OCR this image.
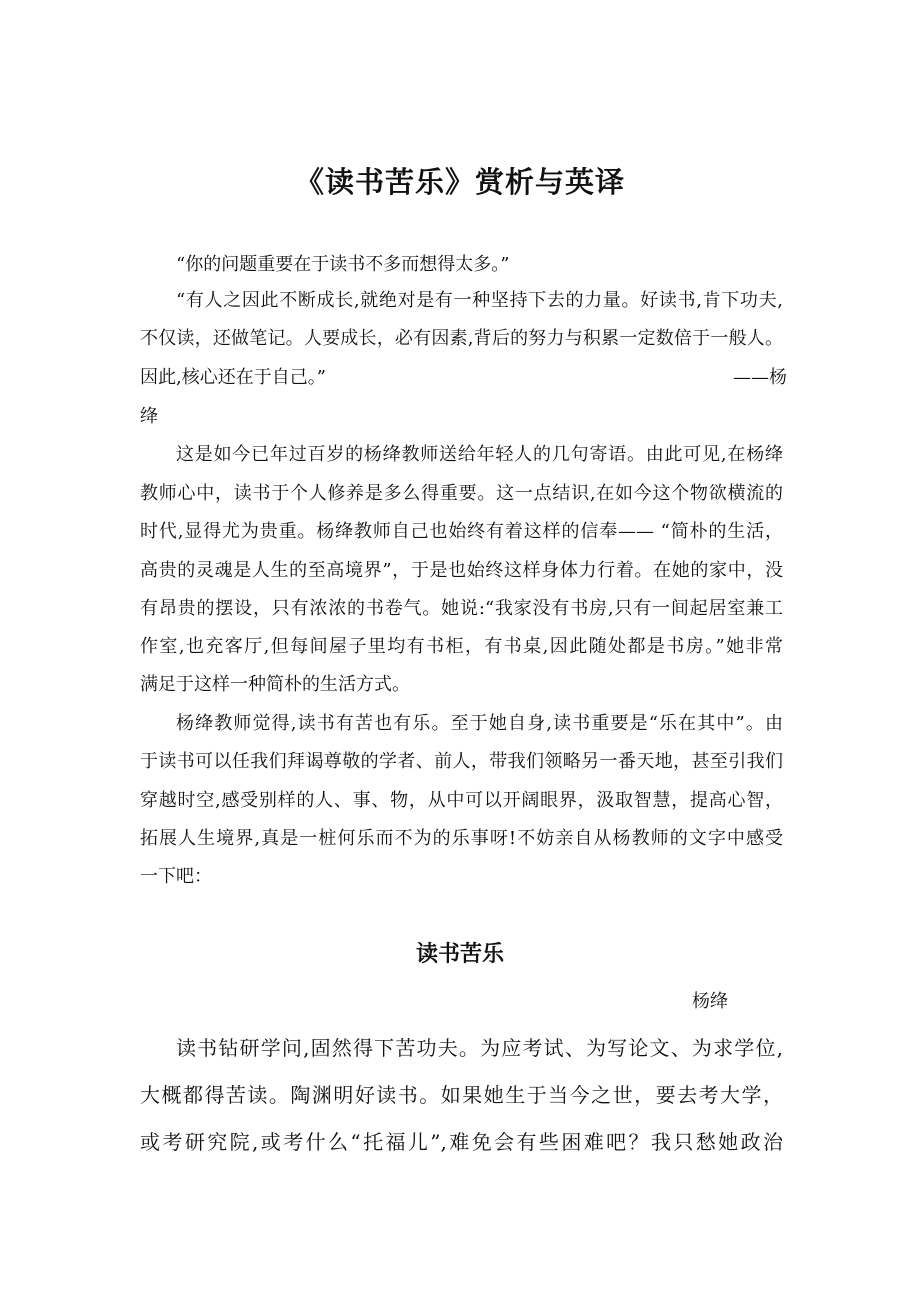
《读书苦乐》赏析与英译
“你的问题重要在于读书不多而想得太多。”
“有人之因此不断成长,就绝对是有一种坚持下去的力量。好读书,肯下功夫,
不仅读，还做笔记。人要成长，必有因素,背后的努力与积累一定数倍于一般人。
因此,核心还在于自己。”	——杨
绛
这是如今已年过百岁的杨绛教师送给年轻人的几句寄语。由此可见,在杨绛
教师心中，读书于个人修养是多么得重要。这一点结识,在如今这个物欲横流的
时代,显得尤为贵重。杨绛教师自己也始终有着这样的信奉—— “简朴的生活，
高贵的灵魂是人生的至高境界”，于是也始终这样身体力行着。在她的家中，没
有昂贵的摆设，只有浓浓的书卷气。她说:“我家没有书房,只有一间起居室兼工
作室,也充客厅,但每间屋子里均有书柜，有书桌,因此随处都是书房。”她非常
满足于这样一种简朴的生活方式。
杨绛教师觉得,读书有苦也有乐。至于她自身,读书重要是“乐在其中”。由
于读书可以任我们拜谒尊敬的学者、前人，带我们领略另一番天地，甚至引我们
穿越时空,感受别样的人、事、物，从中可以开阔眼界，汲取智慧，提高心智，
拓展人生境界,真是一桩何乐而不为的乐事呀!不妨亲自从杨教师的文字中感受
一下吧：
读书苦乐
杨绛
读书钻研学问,固然得下苦功夫。为应考试、为写论文、为求学位,
大概都得苦读。陶渊明好读书。如果她生于当今之世，要去考大学，
或考研究院,或考什么“托福儿”,难免会有些困难吧？我只愁她政治
